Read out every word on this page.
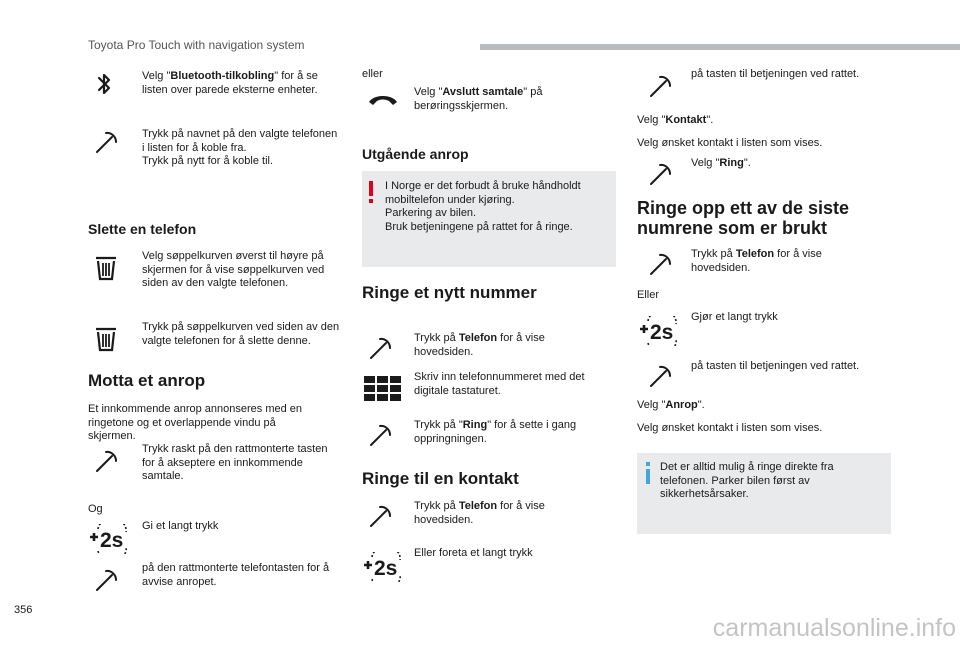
Toyota Pro Touch with navigation system
Velg "Bluetooth-tilkobling" for å se listen over parede eksterne enheter.
Trykk på navnet på den valgte telefonen i listen for å koble fra.
Trykk på nytt for å koble til.
Slette en telefon
Velg søppelkurven øverst til høyre på skjermen for å vise søppelkurven ved siden av den valgte telefonen.
Trykk på søppelkurven ved siden av den valgte telefonen for å slette denne.
Motta et anrop
Et innkommende anrop annonseres med en ringetone og et overlappende vindu på skjermen.
Trykk raskt på den rattmonterte tasten for å akseptere en innkommende samtale.
Og
2s
Gi et langt trykk
på den rattmonterte telefontasten for å avvise anropet.
eller
Velg "Avslutt samtale" på berøringsskjermen.
Utgående anrop
I Norge er det forbudt å bruke håndholdt mobiltelefon under kjøring.
Parkering av bilen.
Bruk betjeningene på rattet for å ringe.
Ringe et nytt nummer
Trykk på Telefon for å vise hovedsiden.
Skriv inn telefonnummeret med det digitale tastaturet.
Trykk på "Ring" for å sette i gang oppringningen.
Ringe til en kontakt
Trykk på Telefon for å vise hovedsiden.
2s
Eller foreta et langt trykk
på tasten til betjeningen ved rattet.
Velg "Kontakt".
Velg ønsket kontakt i listen som vises.
Velg "Ring".
Ringe opp ett av de siste numrene som er brukt
Trykk på Telefon for å vise hovedsiden.
Eller
2s
Gjør et langt trykk
på tasten til betjeningen ved rattet.
Velg "Anrop".
Velg ønsket kontakt i listen som vises.
Det er alltid mulig å ringe direkte fra telefonen. Parker bilen først av sikkerhetsårsaker.
356
carmanualsonline.info
